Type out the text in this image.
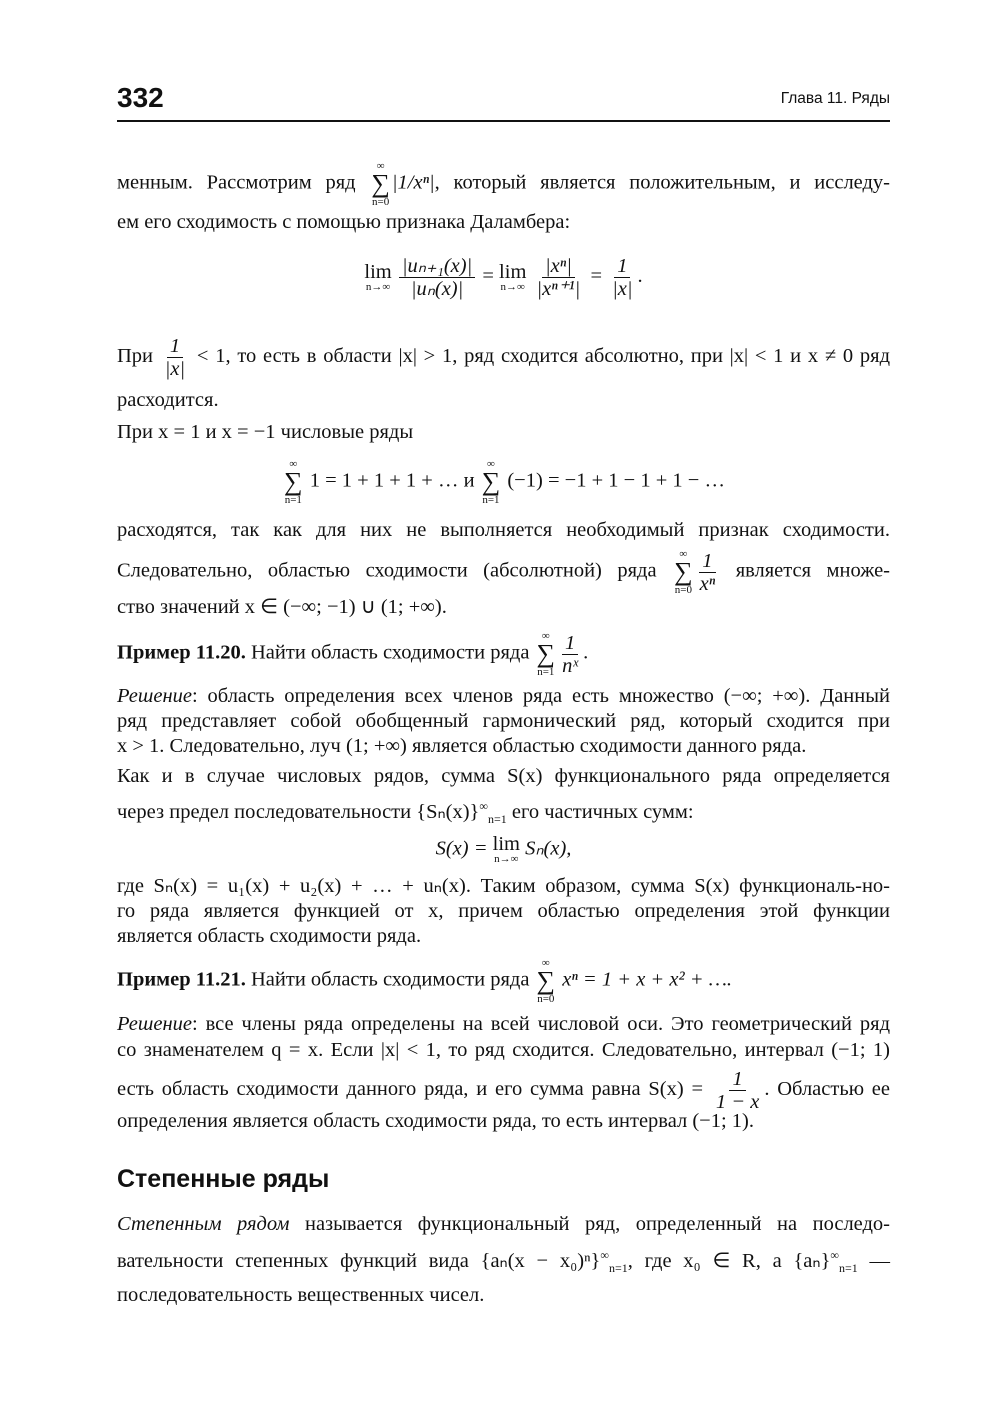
332	Глава 11. Ряды
менным. Рассмотрим ряд
∞
∑
n=0
|1/xⁿ|, который является положительным, и исследу-
ем его сходимость с помощью признака Даламбера:
lim
n→∞
$\frac{\text{|uₙ₊₁(x)|}}{\text{|uₙ(x)|}} = \lim$
n→∞
$\frac{\text{|xⁿ|}}{\text{|xⁿ⁺¹|}} = \frac{1}{|x|}$ .
При $\frac{1}{|x|} < 1$, то есть в области |x| > 1, ряд сходится абсолютно, при |x| < 1 и x ≠ 0 ряд
расходится.
При x = 1 и x = −1 числовые ряды
∞
∑
n=1
1 = 1 + 1 + 1 + … и
∞
∑
n=1
(−1) = −1 + 1 − 1 + 1 − …
расходятся, так как для них не выполняется необходимый признак сходимости.
Следовательно, областью сходимости (абсолютной) ряда
∞
∑
$n=0 \frac{1}{\text{xⁿ}}$ является множе-
ство значений x ∈ (−∞; −1) ∪ (1; +∞).
Пример 11.20. Найти область сходимости ряда
∞
∑
$n=1 \frac{1}{\text{nˣ}}$ .
Решение: область определения всех членов ряда есть множество (−∞; +∞). Данный
ряд представляет собой обобщенный гармонический ряд, который сходится при
x > 1. Следовательно, луч (1; +∞) является областью сходимости данного ряда.
Как и в случае числовых рядов, сумма S(x) функционального ряда определяется
через предел последовательности $\{S_n(x)\}^\infty_{n=1}$ его частичных сумм:
S(x) = lim
n→∞ Sₙ(x),
где Sₙ(x) = u₁(x) + u₂(x) + … + uₙ(x). Таким образом, сумма S(x) функциональ-но-
го ряда является функцией от x, причем областью определения этой функции
является область сходимости ряда.
Пример 11.21. Найти область сходимости ряда
∞
∑
n=0
xⁿ = 1 + x + x² + ….
Решение: все члены ряда определены на всей числовой оси. Это геометрический ряд
со знаменателем q = x. Если |x| < 1, то ряд сходится. Следовательно, интервал (−1; 1)
есть область сходимости данного ряда, и его сумма равна $S(x) = \frac{1}{1 - x}$ . Областью ее
определения является область сходимости ряда, то есть интервал (−1; 1).
Степенные ряды
Степенным рядом называется функциональный ряд, определенный на последо-
вательности степенных функций вида $\{a_n(x - x_0)^n\}^\infty_{n=1}$, где x₀ ∈ R, а $\{a_n\}^\infty_{n=1}$ —
последовательность вещественных чисел.
